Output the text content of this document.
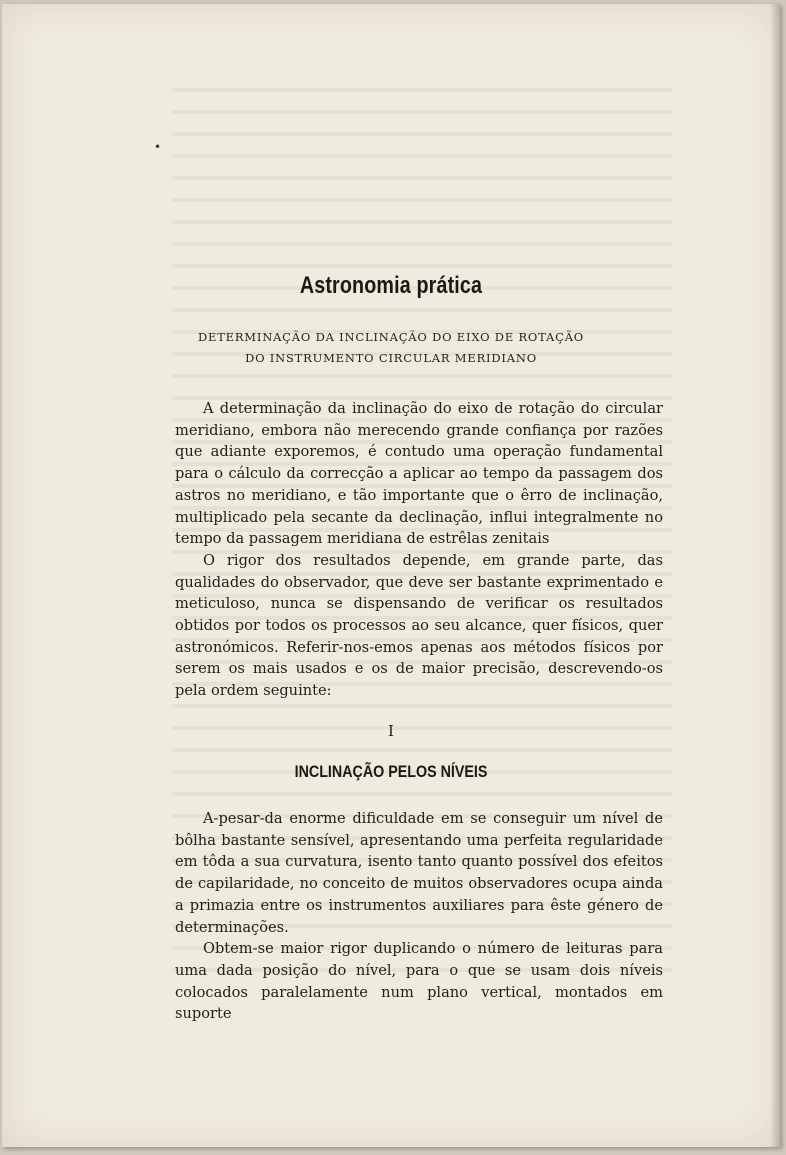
•
Astronomia prática
DETERMINAÇÃO DA INCLINAÇÃO DO EIXO DE ROTAÇÃO
DO INSTRUMENTO CIRCULAR MERIDIANO

A determinação da inclinação do eixo de rotação do circular meridiano, embora não merecendo grande confiança por razões que adiante exporemos, é contudo uma operação fundamental para o cálculo da correcção a aplicar ao tempo da passagem dos astros no meridiano, e tão importante que o êrro de inclinação, multiplicado pela secante da declinação, influi integralmente no tempo da passagem meridiana de estrêlas zenitais

O rigor dos resultados depende, em grande parte, das qualidades do observador, que deve ser bastante exprimentado e meticuloso, nunca se dispensando de verificar os resultados obtidos por todos os processos ao seu alcance, quer físicos, quer astronómicos. Referir-nos-emos apenas aos métodos físicos por serem os mais usados e os de maior precisão, descrevendo-os pela ordem seguinte:

I
INCLINAÇÃO PELOS NÍVEIS

A-pesar-da enorme dificuldade em se conseguir um nível de bôlha bastante sensível, apresentando uma perfeita regularidade em tôda a sua curvatura, isento tanto quanto possível dos efeitos de capilaridade, no conceito de muitos observadores ocupa ainda a primazia entre os instrumentos auxiliares para êste género de determinações.

Obtem-se maior rigor duplicando o número de leituras para uma dada posição do nível, para o que se usam dois níveis colocados paralelamente num plano vertical, montados em suporte
